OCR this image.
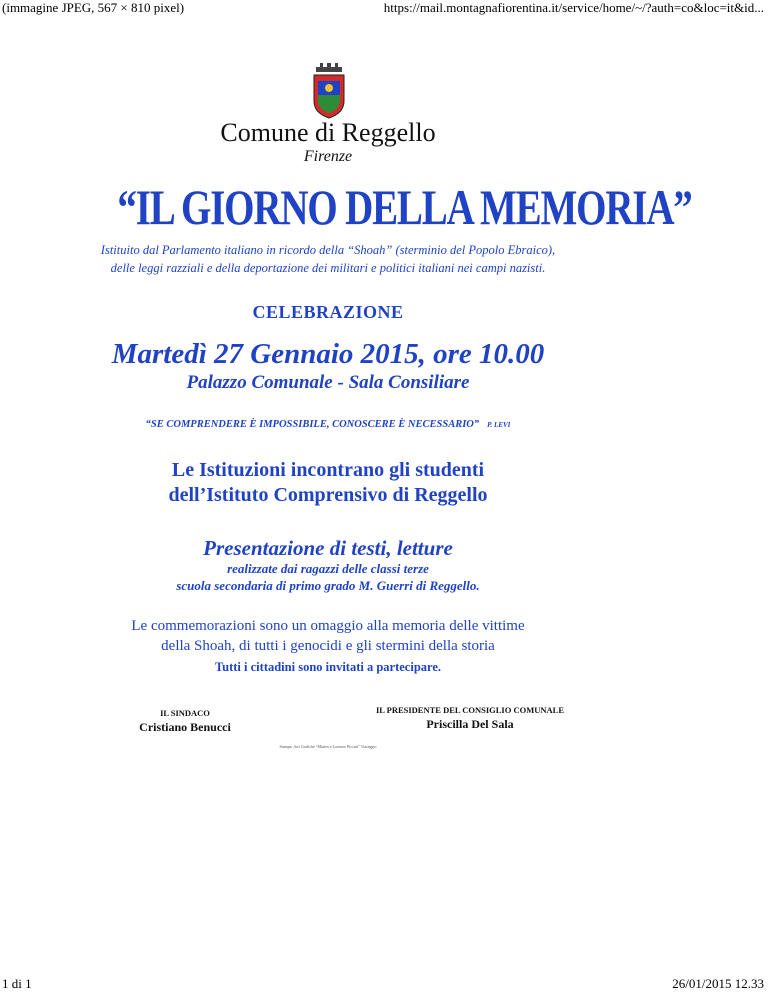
(immagine JPEG, 567 × 810 pixel)	https://mail.montagnafiorentina.it/service/home/~/?auth=co&loc=it&id...
Comune di Reggello
Firenze
“IL GIORNO DELLA MEMORIA”
Istituito dal Parlamento italiano in ricordo della “Shoah” (sterminio del Popolo Ebraico),
delle leggi razziali e della deportazione dei militari e politici italiani nei campi nazisti.
CELEBRAZIONE
Martedì 27 Gennaio 2015, ore 10.00
Palazzo Comunale - Sala Consiliare
“SE COMPRENDERE È IMPOSSIBILE, CONOSCERE È NECESSARIO” P. LEVI
Le Istituzioni incontrano gli studenti
dell’Istituto Comprensivo di Reggello
Presentazione di testi, letture
realizzate dai ragazzi delle classi terze
scuola secondaria di primo grado M. Guerri di Reggello.
Le commemorazioni sono un omaggio alla memoria delle vittime
della Shoah, di tutti i genocidi e gli stermini della storia
Tutti i cittadini sono invitati a partecipare.
IL SINDACO
Cristiano Benucci
IL PRESIDENTE DEL CONSIGLIO COMUNALE
Priscilla Del Sala
Stampa: Arti Grafiche “Matteo e Lorenzo Piccini” Viareggio
1 di 1	26/01/2015 12.33
